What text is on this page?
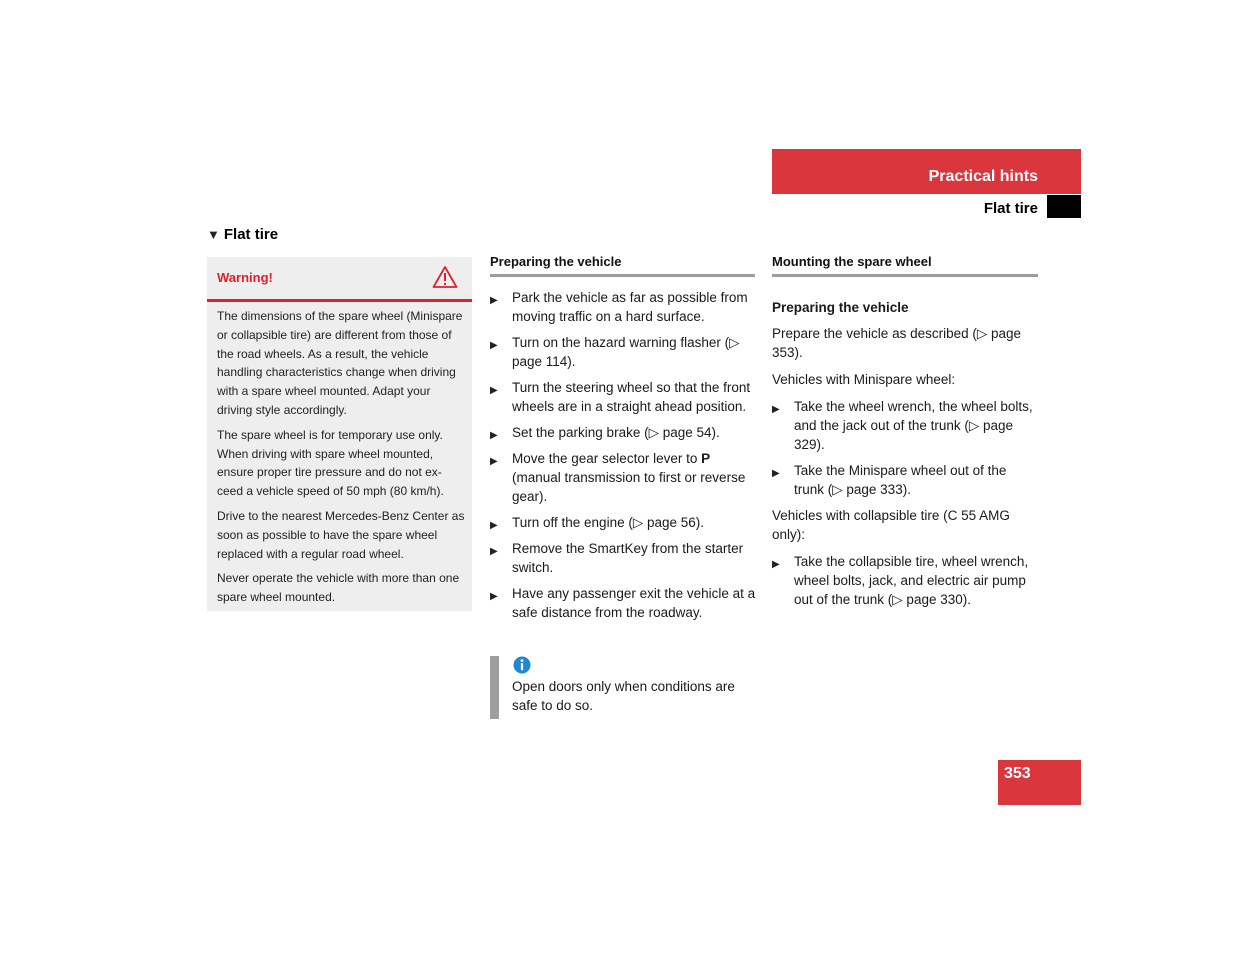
Practical hints
Flat tire
▼ Flat tire
Warning!

The dimensions of the spare wheel (Minispare or collapsible tire) are different from those of the road wheels. As a result, the vehicle handling characteristics change when driving with a spare wheel mounted. Adapt your driving style accordingly.

The spare wheel is for temporary use only. When driving with spare wheel mounted, ensure proper tire pressure and do not ex-ceed a vehicle speed of 50 mph (80 km/h).

Drive to the nearest Mercedes-Benz Center as soon as possible to have the spare wheel replaced with a regular road wheel.

Never operate the vehicle with more than one spare wheel mounted.

Preparing the vehicle
▶ Park the vehicle as far as possible from moving traffic on a hard surface.
▶ Turn on the hazard warning flasher (▷ page 114).
▶ Turn the steering wheel so that the front wheels are in a straight ahead position.
▶ Set the parking brake (▷ page 54).
▶ Move the gear selector lever to P (manual transmission to first or reverse gear).
▶ Turn off the engine (▷ page 56).
▶ Remove the SmartKey from the starter switch.
▶ Have any passenger exit the vehicle at a safe distance from the roadway.
Open doors only when conditions are safe to do so.
Mounting the spare wheel
Preparing the vehicle

Prepare the vehicle as described (▷ page 353).

Vehicles with Minispare wheel:

▶ Take the wheel wrench, the wheel bolts, and the jack out of the trunk (▷ page 329).
▶ Take the Minispare wheel out of the trunk (▷ page 333).

Vehicles with collapsible tire (C 55 AMG only):

▶ Take the collapsible tire, wheel wrench, wheel bolts, jack, and electric air pump out of the trunk (▷ page 330).
353
